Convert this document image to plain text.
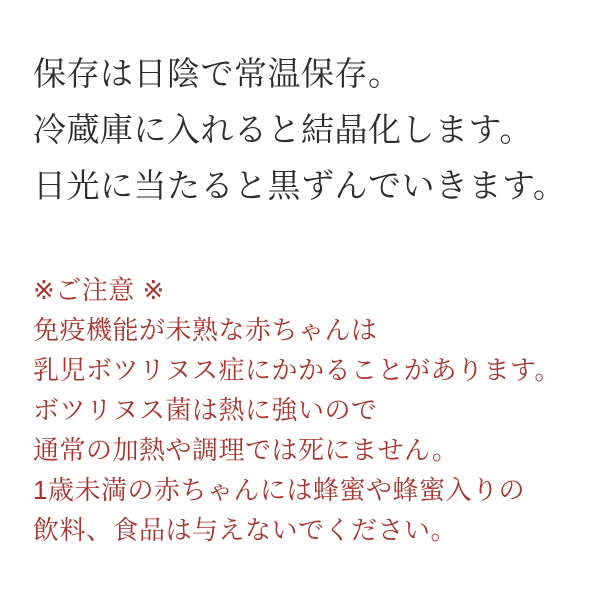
保存は日陰で常温保存。
冷蔵庫に入れると結晶化します。
日光に当たると黒ずんでいきます。
※ご注意 ※
免疫機能が未熟な赤ちゃんは
乳児ボツリヌス症にかかることがあります。
ボツリヌス菌は熱に強いので
通常の加熱や調理では死にません。
1歳未満の赤ちゃんには蜂蜜や蜂蜜入りの
飲料、食品は与えないでください。
